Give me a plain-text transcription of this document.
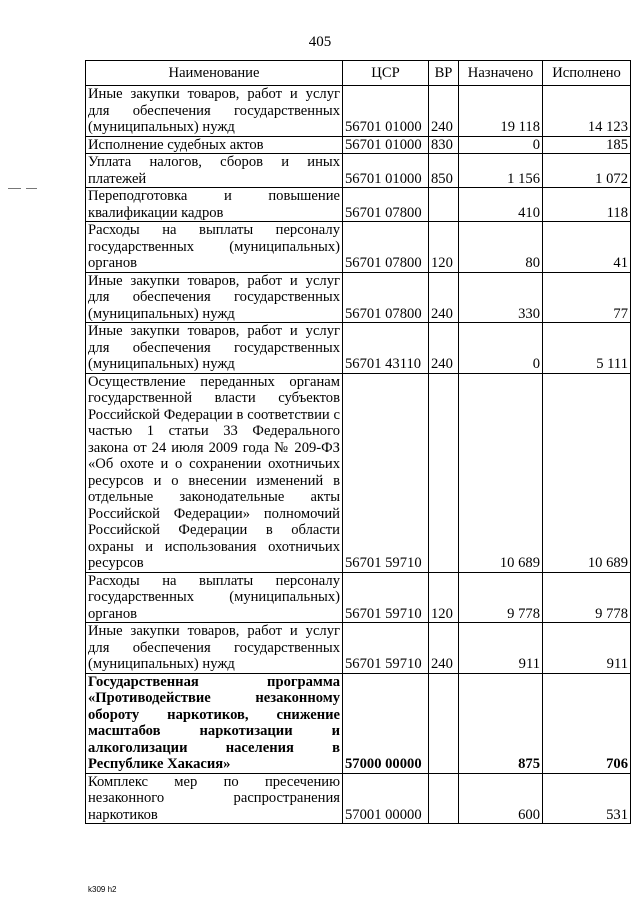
405
Наименование	ЦСР	ВР	Назначено	Исполнено
Иные закупки товаров, работ и услуг для обеспечения государственных (муниципальных) нужд	56701 01000	240	19 118	14 123
Исполнение судебных актов	56701 01000	830	0	185
Уплата налогов, сборов и иных платежей	56701 01000	850	1 156	1 072
Переподготовка и повышение квалификации кадров	56701 07800		410	118
Расходы на выплаты персоналу государственных (муниципальных) органов	56701 07800	120	80	41
Иные закупки товаров, работ и услуг для обеспечения государственных (муниципальных) нужд	56701 07800	240	330	77
Иные закупки товаров, работ и услуг для обеспечения государственных (муниципальных) нужд	56701 43110	240	0	5 111
Осуществление переданных органам государственной власти субъектов Российской Федерации в соответствии с частью 1 статьи 33 Федерального закона от 24 июля 2009 года № 209-ФЗ «Об охоте и о сохранении охотничьих ресурсов и о внесении изменений в отдельные законодательные акты Российской Федерации» полномочий Российской Федерации в области охраны и использования охотничьих ресурсов	56701 59710		10 689	10 689
Расходы на выплаты персоналу государственных (муниципальных) органов	56701 59710	120	9 778	9 778
Иные закупки товаров, работ и услуг для обеспечения государственных (муниципальных) нужд	56701 59710	240	911	911
Государственная программа «Противодействие незаконному обороту наркотиков, снижение масштабов наркотизации и алкоголизации населения в Республике Хакасия»	57000 00000		875	706
Комплекс мер по пресечению незаконного распространения наркотиков	57001 00000		600	531
k309 h2
